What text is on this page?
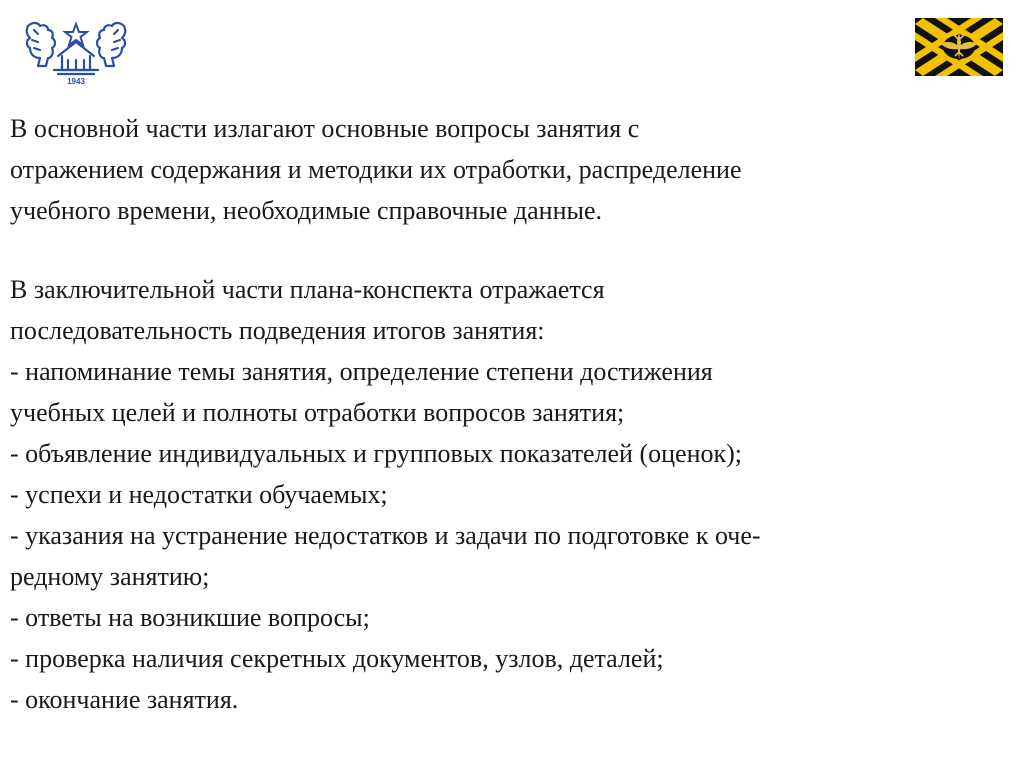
1943

В основной части излагают основные вопросы занятия с
отражением содержания и методики их отработки, распределение
учебного времени, необходимые справочные данные.

В заключительной части плана-конспекта отражается
последовательность подведения итогов занятия:
- напоминание темы занятия, определение степени достижения
учебных целей и полноты отработки вопросов занятия;
- объявление индивидуальных и групповых показателей (оценок);
- успехи и недостатки обучаемых;
- указания на устранение недостатков и задачи по подготовке к оче-
редному занятию;
- ответы на возникшие вопросы;
- проверка наличия секретных документов, узлов, деталей;
- окончание занятия.
